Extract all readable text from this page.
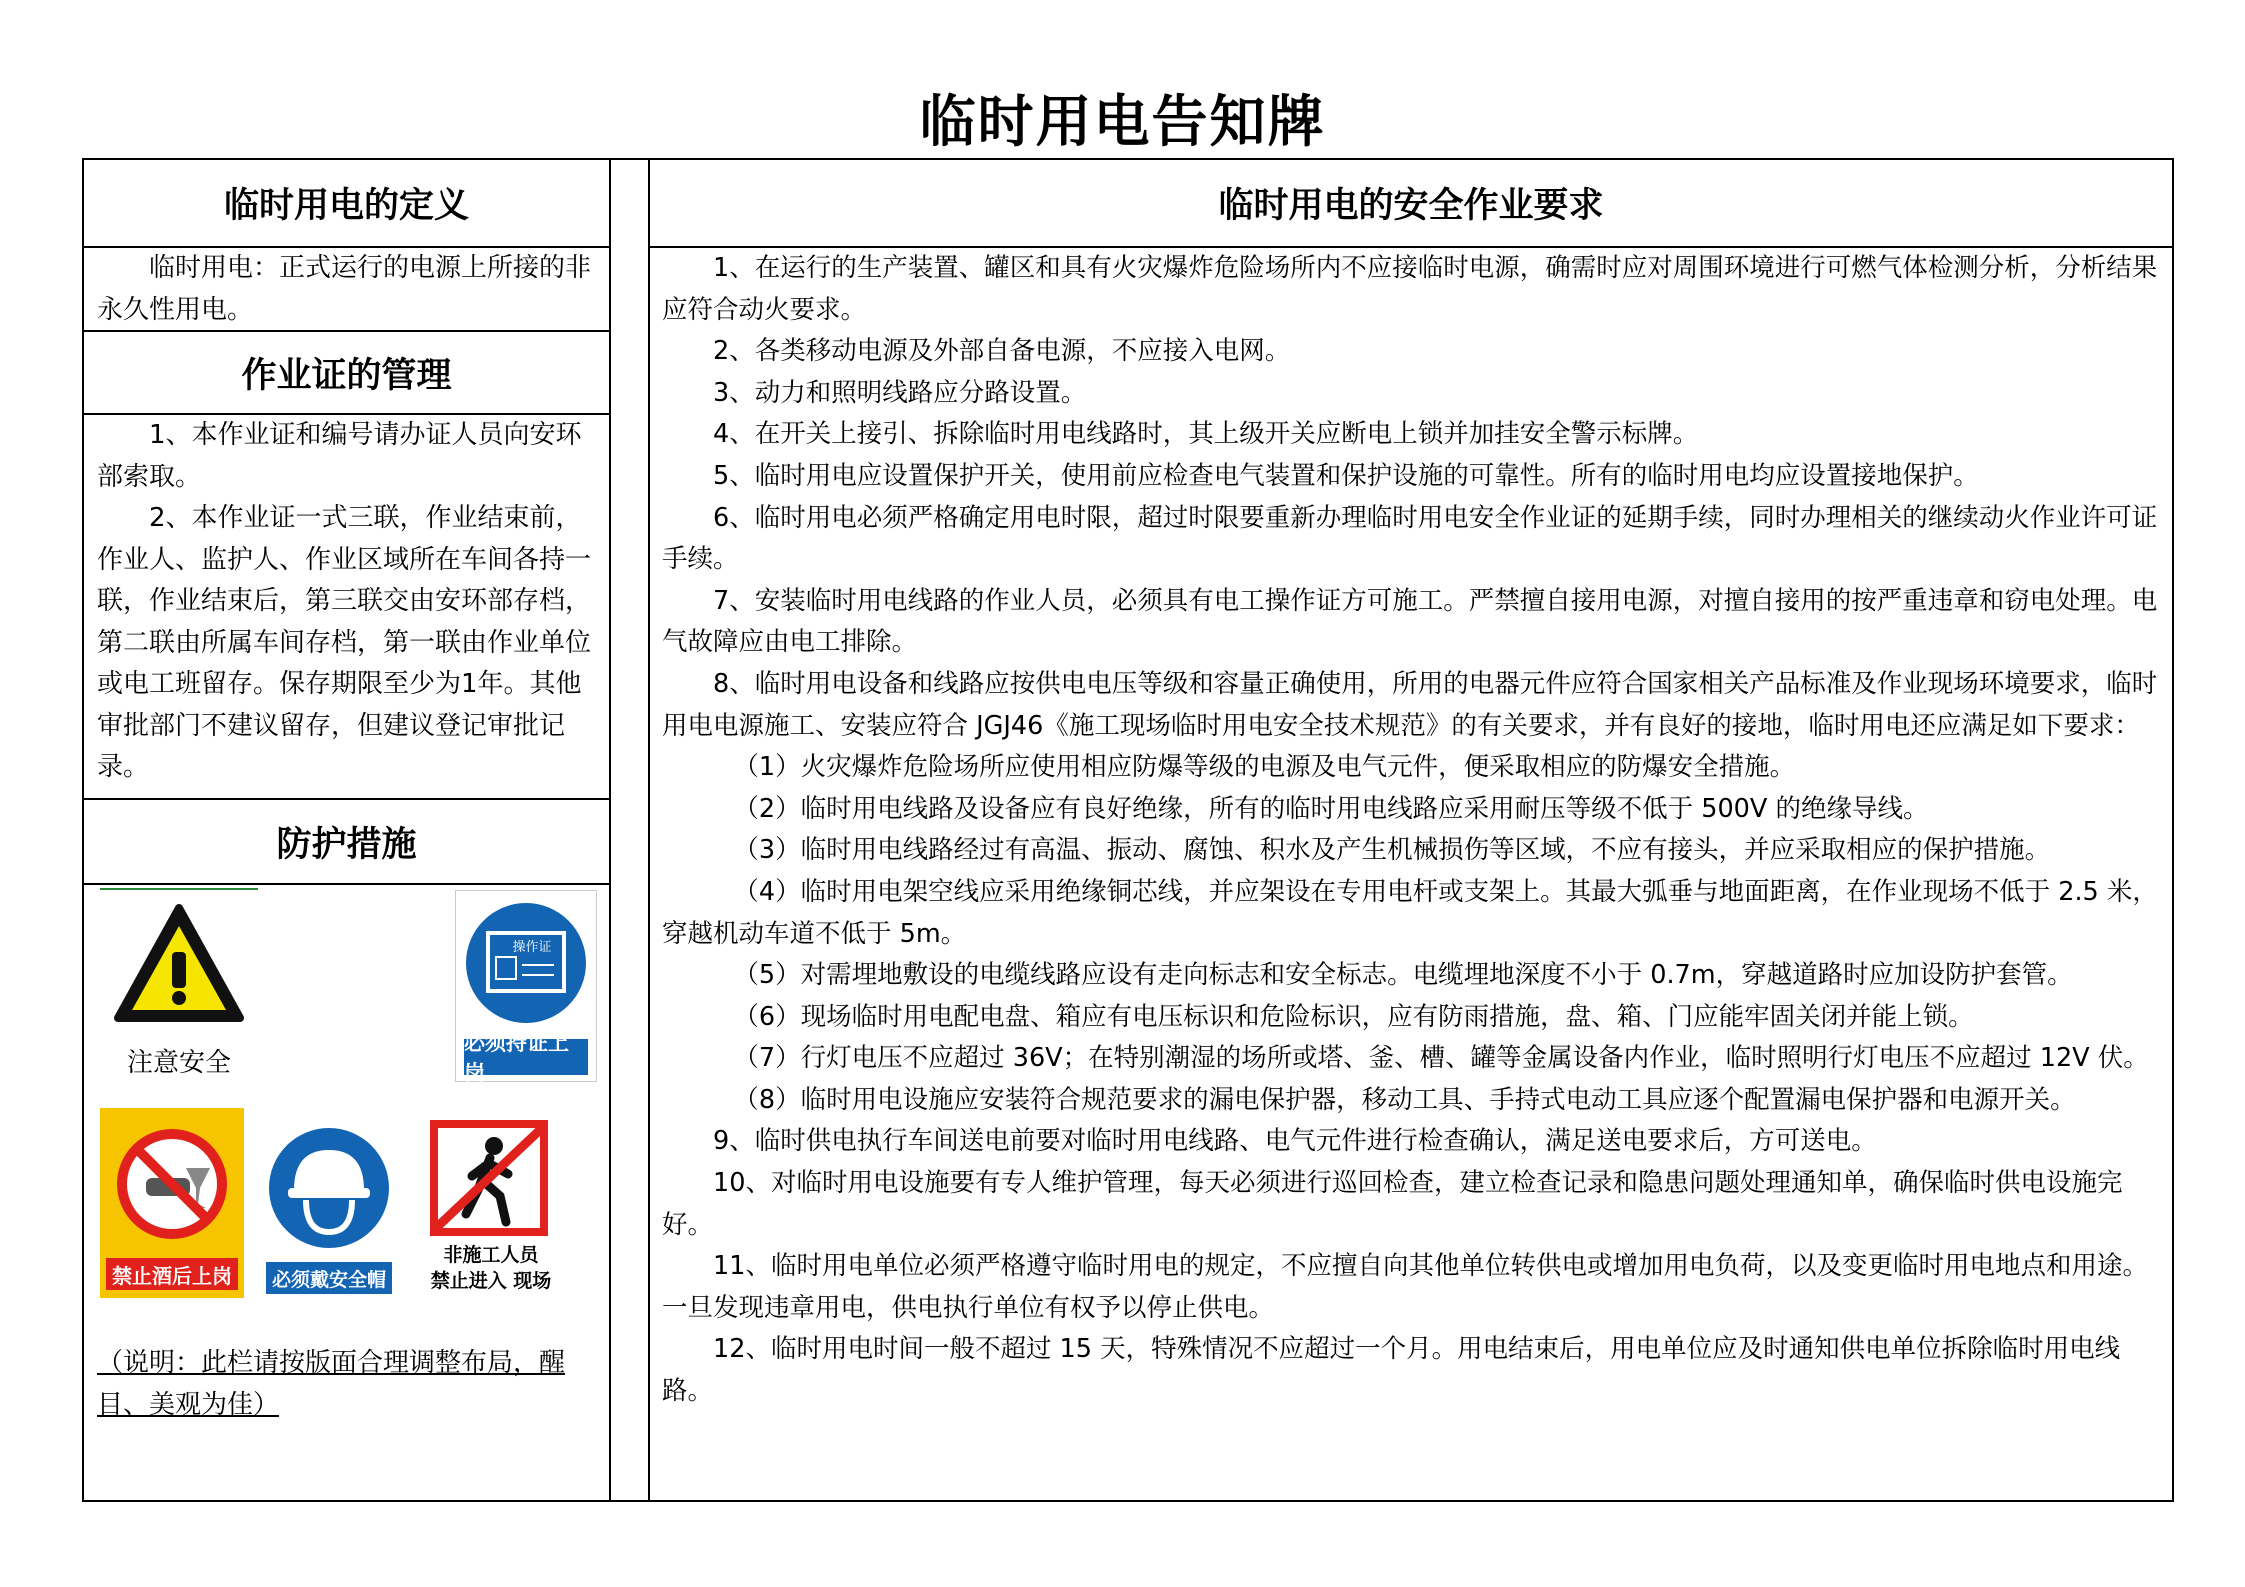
临时用电告知牌
临时用电的定义
作业证的管理
防护措施
临时用电的安全作业要求

临时用电：正式运行的电源上所接的非永久性用电。

1、本作业证和编号请办证人员向安环部索取。

2、本作业证一式三联，作业结束前，作业人、监护人、作业区域所在车间各持一联，作业结束后，第三联交由安环部存档，第二联由所属车间存档，第一联由作业单位或电工班留存。保存期限至少为1年。其他审批部门不建议留存，但建议登记审批记录。

1、在运行的生产装置、罐区和具有火灾爆炸危险场所内不应接临时电源，确需时应对周围环境进行可燃气体检测分析，分析结果应符合动火要求。

2、各类移动电源及外部自备电源，不应接入电网。

3、动力和照明线路应分路设置。

4、在开关上接引、拆除临时用电线路时，其上级开关应断电上锁并加挂安全警示标牌。

5、临时用电应设置保护开关，使用前应检查电气装置和保护设施的可靠性。所有的临时用电均应设置接地保护。

6、临时用电必须严格确定用电时限，超过时限要重新办理临时用电安全作业证的延期手续，同时办理相关的继续动火作业许可证手续。

7、安装临时用电线路的作业人员，必须具有电工操作证方可施工。严禁擅自接用电源，对擅自接用的按严重违章和窃电处理。电气故障应由电工排除。

8、临时用电设备和线路应按供电电压等级和容量正确使用，所用的电器元件应符合国家相关产品标准及作业现场环境要求，临时用电电源施工、安装应符合 JGJ46《施工现场临时用电安全技术规范》的有关要求，并有良好的接地，临时用电还应满足如下要求：

（1）火灾爆炸危险场所应使用相应防爆等级的电源及电气元件，便采取相应的防爆安全措施。

（2）临时用电线路及设备应有良好绝缘，所有的临时用电线路应采用耐压等级不低于 500V 的绝缘导线。

（3）临时用电线路经过有高温、振动、腐蚀、积水及产生机械损伤等区域，不应有接头，并应采取相应的保护措施。

（4）临时用电架空线应采用绝缘铜芯线，并应架设在专用电杆或支架上。其最大弧垂与地面距离，在作业现场不低于 2.5 米，穿越机动车道不低于 5m。

（5）对需埋地敷设的电缆线路应设有走向标志和安全标志。电缆埋地深度不小于 0.7m，穿越道路时应加设防护套管。

（6）现场临时用电配电盘、箱应有电压标识和危险标识，应有防雨措施，盘、箱、门应能牢固关闭并能上锁。

（7）行灯电压不应超过 36V；在特别潮湿的场所或塔、釜、槽、罐等金属设备内作业，临时照明行灯电压不应超过 12V 伏。

（8）临时用电设施应安装符合规范要求的漏电保护器，移动工具、手持式电动工具应逐个配置漏电保护器和电源开关。

9、临时供电执行车间送电前要对临时用电线路、电气元件进行检查确认，满足送电要求后，方可送电。

10、对临时用电设施要有专人维护管理，每天必须进行巡回检查，建立检查记录和隐患问题处理通知单，确保临时供电设施完好。

11、临时用电单位必须严格遵守临时用电的规定，不应擅自向其他单位转供电或增加用电负荷，以及变更临时用电地点和用途。一旦发现违章用电，供电执行单位有权予以停止供电。

12、临时用电时间一般不超过 15 天，特殊情况不应超过一个月。用电结束后，用电单位应及时通知供电单位拆除临时用电线路。

注意安全
操作证
必须持证上岗
禁止酒后上岗	必须戴安全帽
非施工人员
禁止进入 现场

（说明：此栏请按版面合理调整布局，醒目、美观为佳）
